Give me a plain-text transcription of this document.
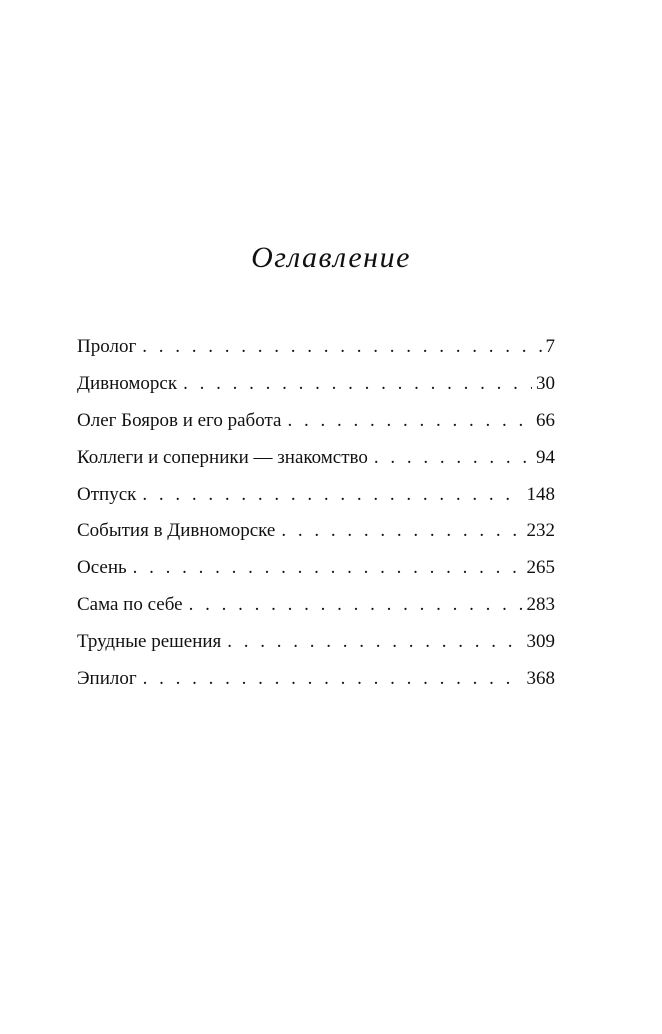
Оглавление
Пролог . . .	7
Дивноморск . . .	30
Олег Бояров и его работа . . .	66
Коллеги и соперники — знакомство . . .	94
Отпуск . . .	148
События в Дивноморске . . .	232
Осень . . .	265
Сама по себе . . .	283
Трудные решения . . .	309
Эпилог . . .	368
